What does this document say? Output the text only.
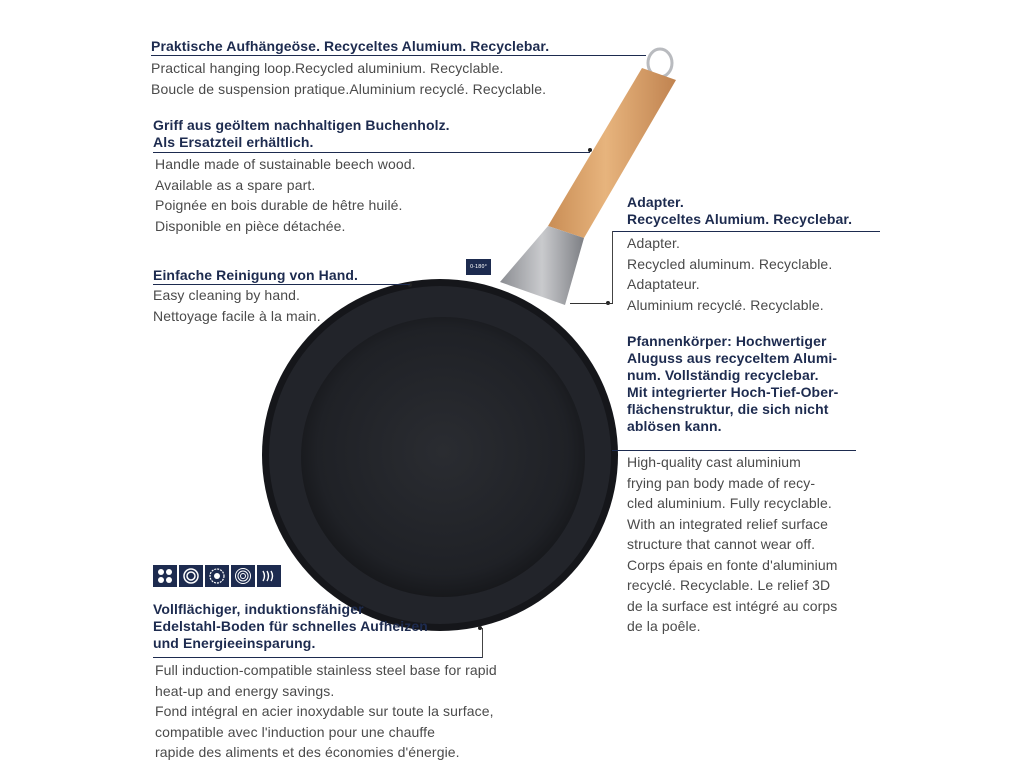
Praktische Aufhängeöse. Recyceltes Alumium. Recyclebar.
Practical hanging loop.Recycled aluminium. Recyclable.
Boucle de suspension pratique.Aluminium recyclé. Recyclable.
Griff aus geöltem nachhaltigen Buchenholz.
Als Ersatzteil erhältlich.
Handle made of sustainable beech wood.
Available as a spare part.
Poignée en bois durable de hêtre huilé.
Disponible en pièce détachée.
Einfache Reinigung von Hand.
Easy cleaning by hand.
Nettoyage facile à la main.
0-180°
Adapter.
Recyceltes Alumium. Recyclebar.
Adapter.
Recycled aluminum. Recyclable.
Adaptateur.
Aluminium recyclé. Recyclable.
Pfannenkörper: Hochwertiger
Aluguss aus recyceltem Alumi-
num. Vollständig recyclebar.
Mit integrierter Hoch-Tief-Ober-
flächenstruktur, die sich nicht
ablösen kann.
High-quality cast aluminium
frying pan body made of recy-
cled aluminium. Fully recyclable.
With an integrated relief surface
structure that cannot wear off.
Corps épais en fonte d'aluminium
recyclé. Recyclable. Le relief 3D
de la surface est intégré au corps
de la poêle.
Vollflächiger, induktionsfähiger
Edelstahl-Boden für schnelles Aufheizen
und Energieeinsparung.
Full induction-compatible stainless steel base for rapid
heat-up and energy savings.
Fond intégral en acier inoxydable sur toute la surface,
compatible avec l'induction pour une chauffe
rapide des aliments et des économies d'énergie.
